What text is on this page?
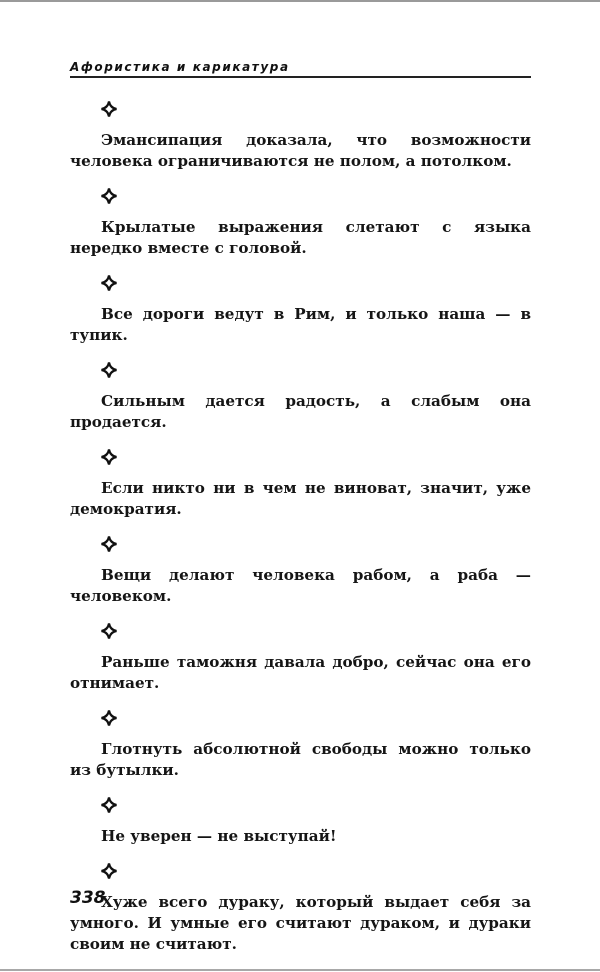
Афористика и карикатура

Эмансипация доказала, что возможности человека ограничиваются не полом, а потолком.

Крылатые выражения слетают с языка нередко вместе с головой.

Все дороги ведут в Рим, и только наша — в тупик.

Сильным дается радость, а слабым она продается.

Если никто ни в чем не виноват, значит, уже демократия.

Вещи делают человека рабом, а раба — человеком.

Раньше таможня давала добро, сейчас она его отнимает.

Глотнуть абсолютной свободы можно только из бутылки.

Не уверен — не выступай!

Хуже всего дураку, который выдает себя за умного. И умные его считают дураком, и дураки своим не считают.

338
